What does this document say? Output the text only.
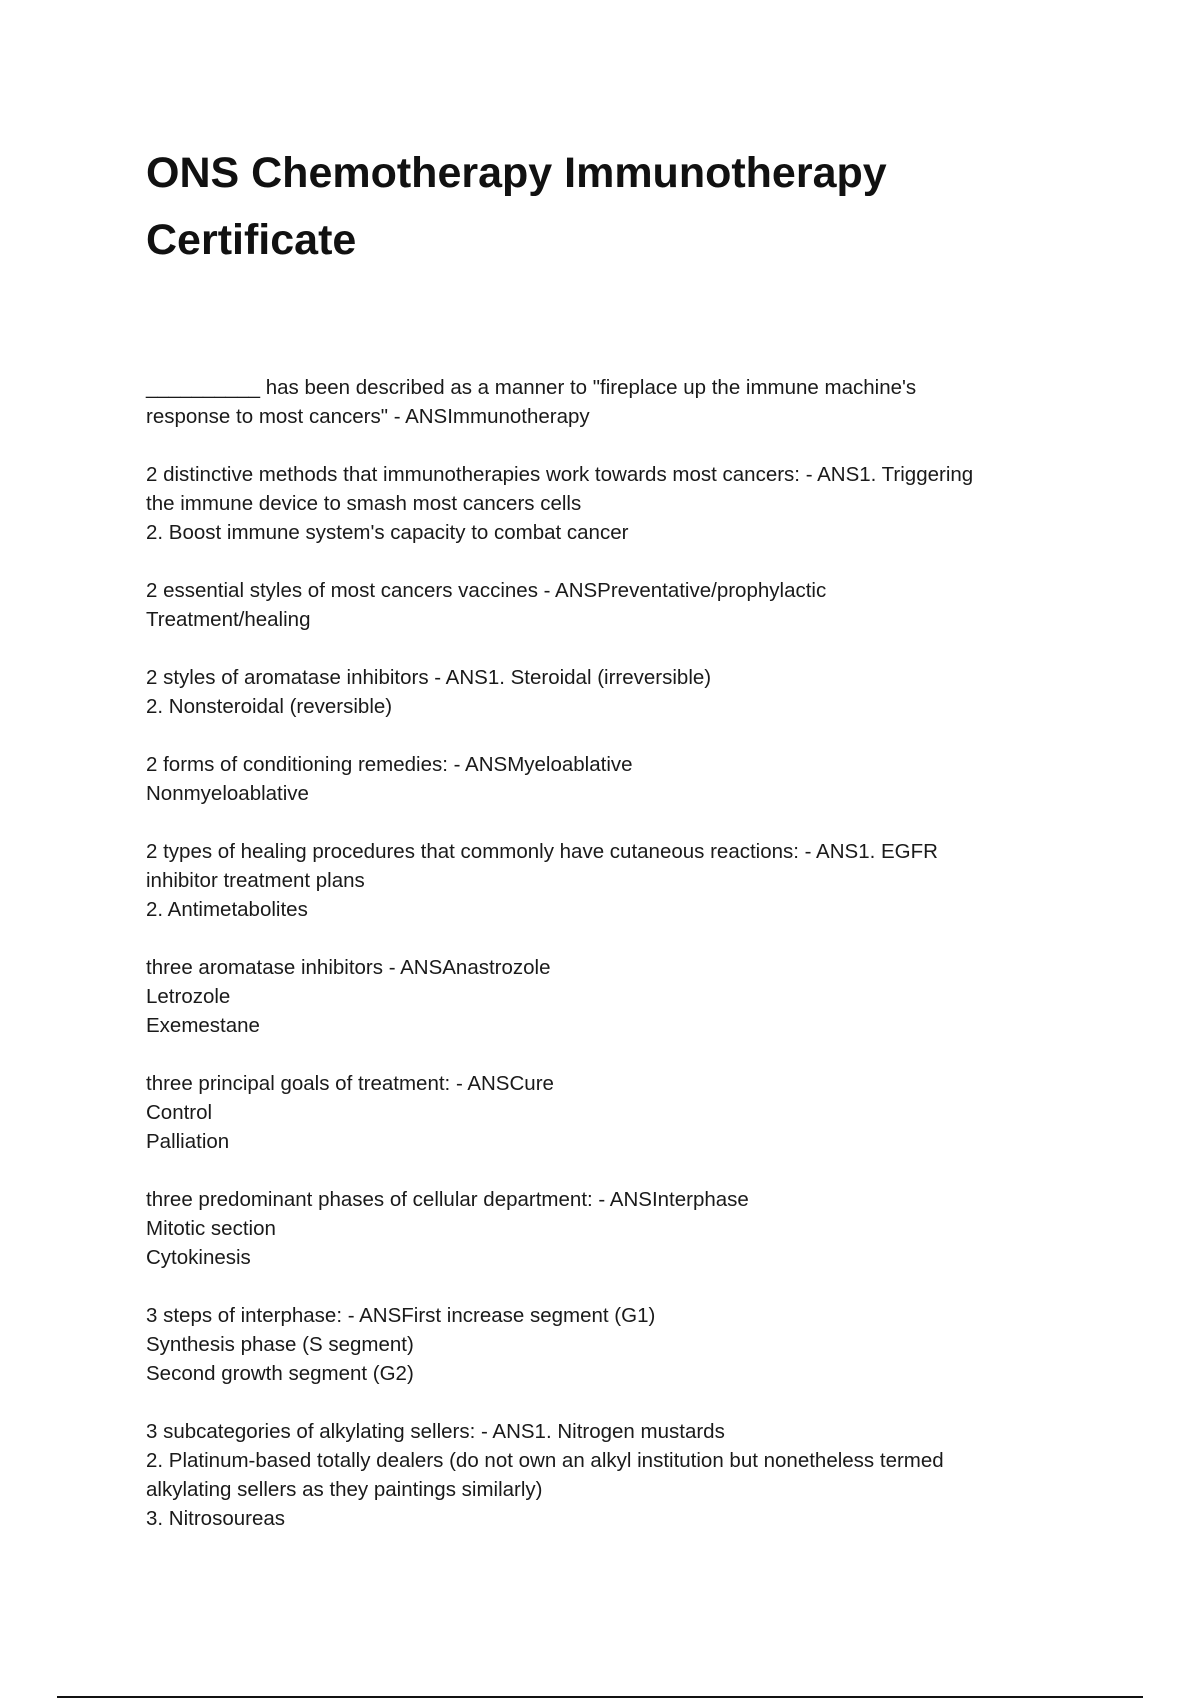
ONS Chemotherapy Immunotherapy Certificate

__________ has been described as a manner to "fireplace up the immune machine's
response to most cancers" - ANSImmunotherapy

2 distinctive methods that immunotherapies work towards most cancers: - ANS1. Triggering
the immune device to smash most cancers cells
2. Boost immune system's capacity to combat cancer

2 essential styles of most cancers vaccines - ANSPreventative/prophylactic
Treatment/healing

2 styles of aromatase inhibitors - ANS1. Steroidal (irreversible)
2. Nonsteroidal (reversible)

2 forms of conditioning remedies: - ANSMyeloablative
Nonmyeloablative

2 types of healing procedures that commonly have cutaneous reactions: - ANS1. EGFR
inhibitor treatment plans
2. Antimetabolites

three aromatase inhibitors - ANSAnastrozole
Letrozole
Exemestane

three principal goals of treatment: - ANSCure
Control
Palliation

three predominant phases of cellular department: - ANSInterphase
Mitotic section
Cytokinesis

3 steps of interphase: - ANSFirst increase segment (G1)
Synthesis phase (S segment)
Second growth segment (G2)

3 subcategories of alkylating sellers: - ANS1. Nitrogen mustards
2. Platinum-based totally dealers (do not own an alkyl institution but nonetheless termed
alkylating sellers as they paintings similarly)
3. Nitrosoureas
